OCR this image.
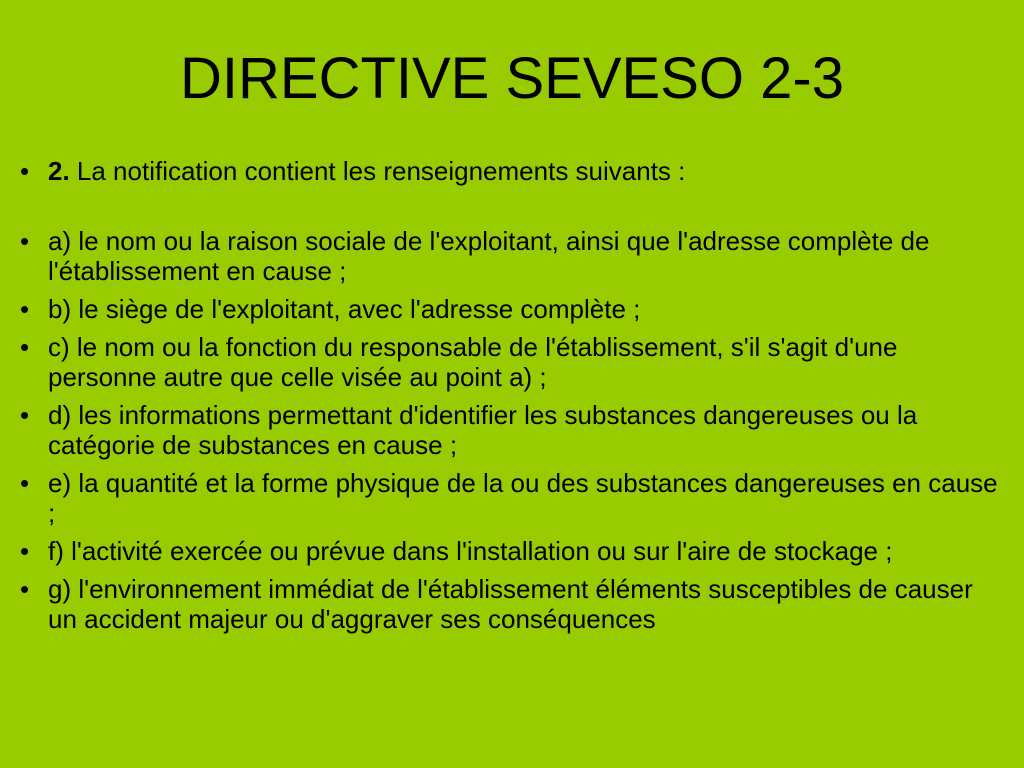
DIRECTIVE SEVESO 2-3
• 2. La notification contient les renseignements suivants :
• a) le nom ou la raison sociale de l'exploitant, ainsi que l'adresse complète de l'établissement en cause ;
• b) le siège de l'exploitant, avec l'adresse complète ;
• c) le nom ou la fonction du responsable de l'établissement, s'il s'agit d'une personne autre que celle visée au point a) ;
• d) les informations permettant d'identifier les substances dangereuses ou la catégorie de substances en cause ;
• e) la quantité et la forme physique de la ou des substances dangereuses en cause ;
• f) l'activité exercée ou prévue dans l'installation ou sur l'aire de stockage ;
• g) l'environnement immédiat de l'établissement éléments susceptibles de causer un accident majeur ou d'aggraver ses conséquences
